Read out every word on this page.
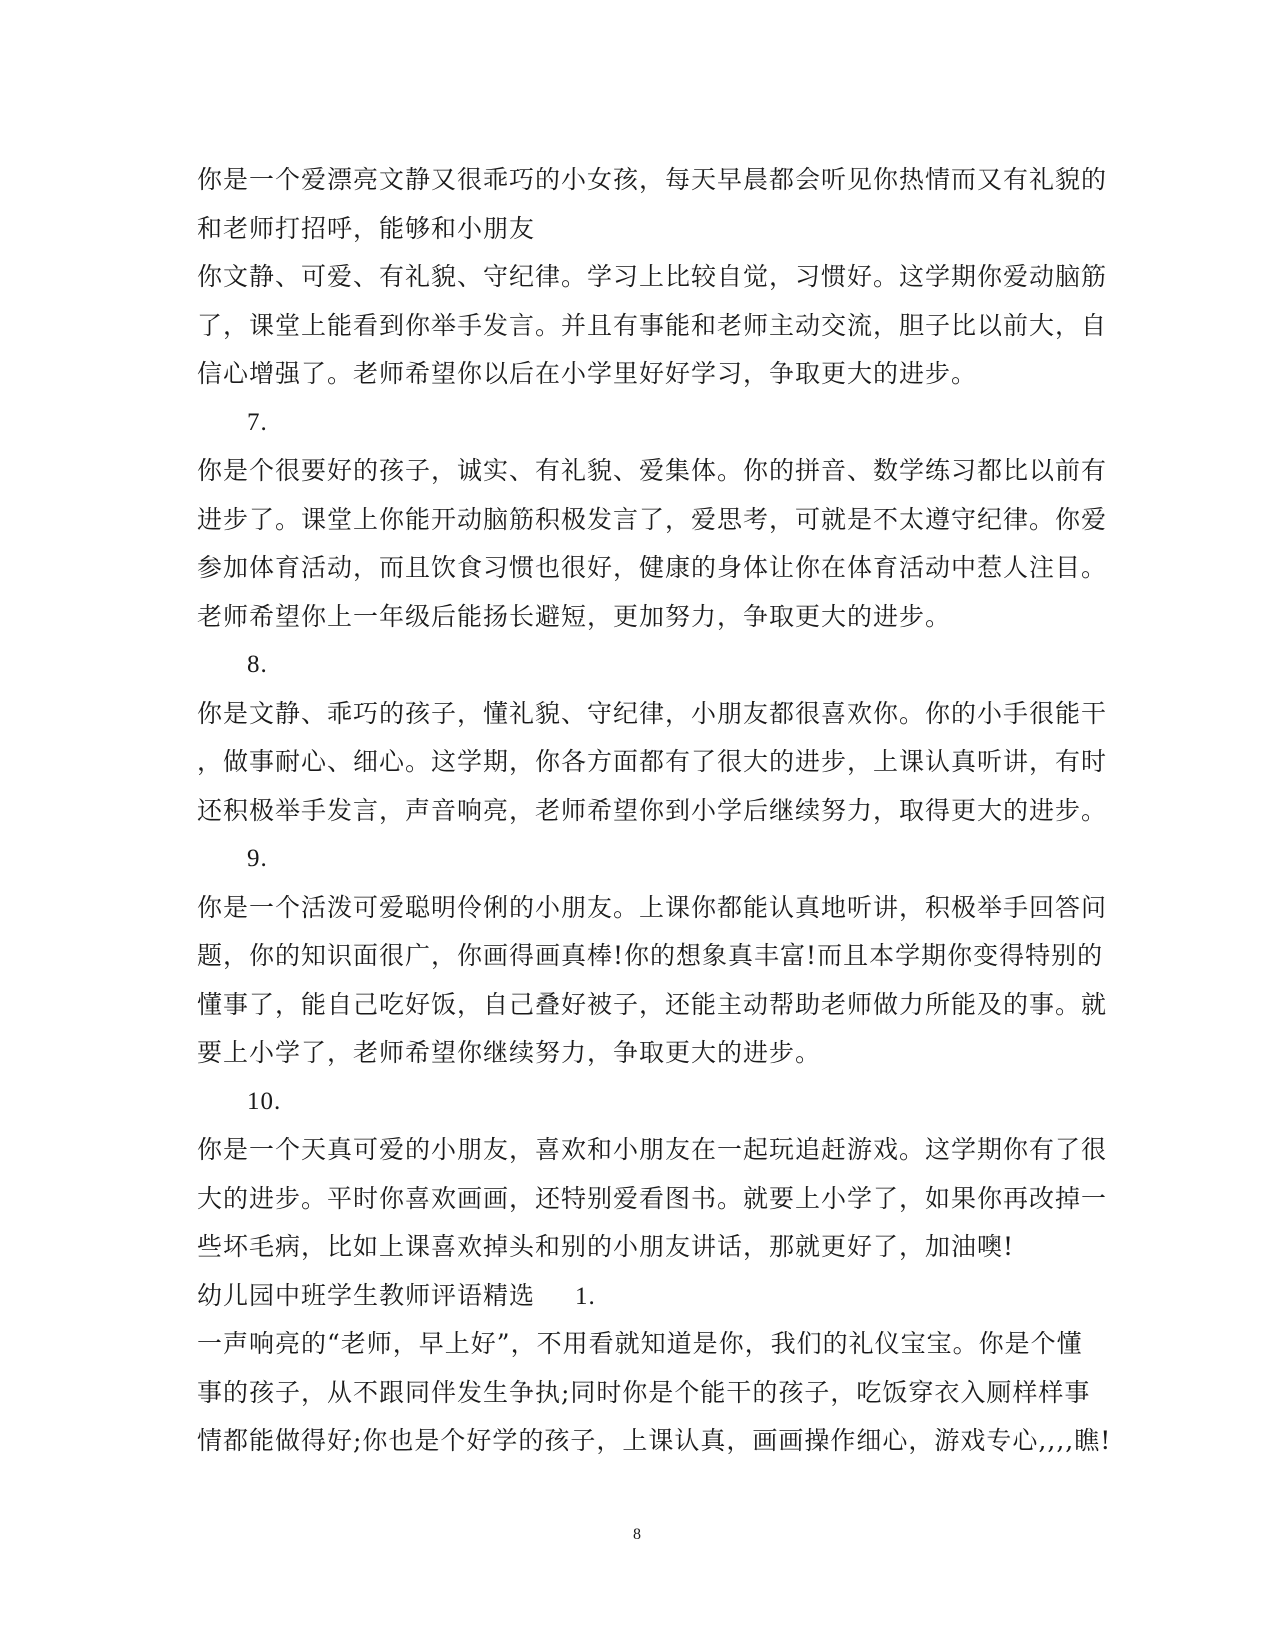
你是一个爱漂亮文静又很乖巧的小女孩，每天早晨都会听见你热情而又有礼貌的
和老师打招呼，能够和小朋友
你文静、可爱、有礼貌、守纪律。学习上比较自觉，习惯好。这学期你爱动脑筋
了，课堂上能看到你举手发言。并且有事能和老师主动交流，胆子比以前大，自
信心增强了。老师希望你以后在小学里好好学习，争取更大的进步。
7.
你是个很要好的孩子，诚实、有礼貌、爱集体。你的拼音、数学练习都比以前有
进步了。课堂上你能开动脑筋积极发言了，爱思考，可就是不太遵守纪律。你爱
参加体育活动，而且饮食习惯也很好，健康的身体让你在体育活动中惹人注目。
老师希望你上一年级后能扬长避短，更加努力，争取更大的进步。
8.
你是文静、乖巧的孩子，懂礼貌、守纪律，小朋友都很喜欢你。你的小手很能干
，做事耐心、细心。这学期，你各方面都有了很大的进步，上课认真听讲，有时
还积极举手发言，声音响亮，老师希望你到小学后继续努力，取得更大的进步。
9.
你是一个活泼可爱聪明伶俐的小朋友。上课你都能认真地听讲，积极举手回答问
题，你的知识面很广，你画得画真棒!你的想象真丰富!而且本学期你变得特别的
懂事了，能自己吃好饭，自己叠好被子，还能主动帮助老师做力所能及的事。就
要上小学了，老师希望你继续努力，争取更大的进步。
10.
你是一个天真可爱的小朋友，喜欢和小朋友在一起玩追赶游戏。这学期你有了很
大的进步。平时你喜欢画画，还特别爱看图书。就要上小学了，如果你再改掉一
些坏毛病，比如上课喜欢掉头和别的小朋友讲话，那就更好了，加油噢!
幼儿园中班学生教师评语精选 1.
一声响亮的“老师，早上好”，不用看就知道是你，我们的礼仪宝宝。你是个懂
事的孩子，从不跟同伴发生争执;同时你是个能干的孩子，吃饭穿衣入厕样样事
情都能做得好;你也是个好学的孩子，上课认真，画画操作细心，游戏专心,,,,瞧!
8
